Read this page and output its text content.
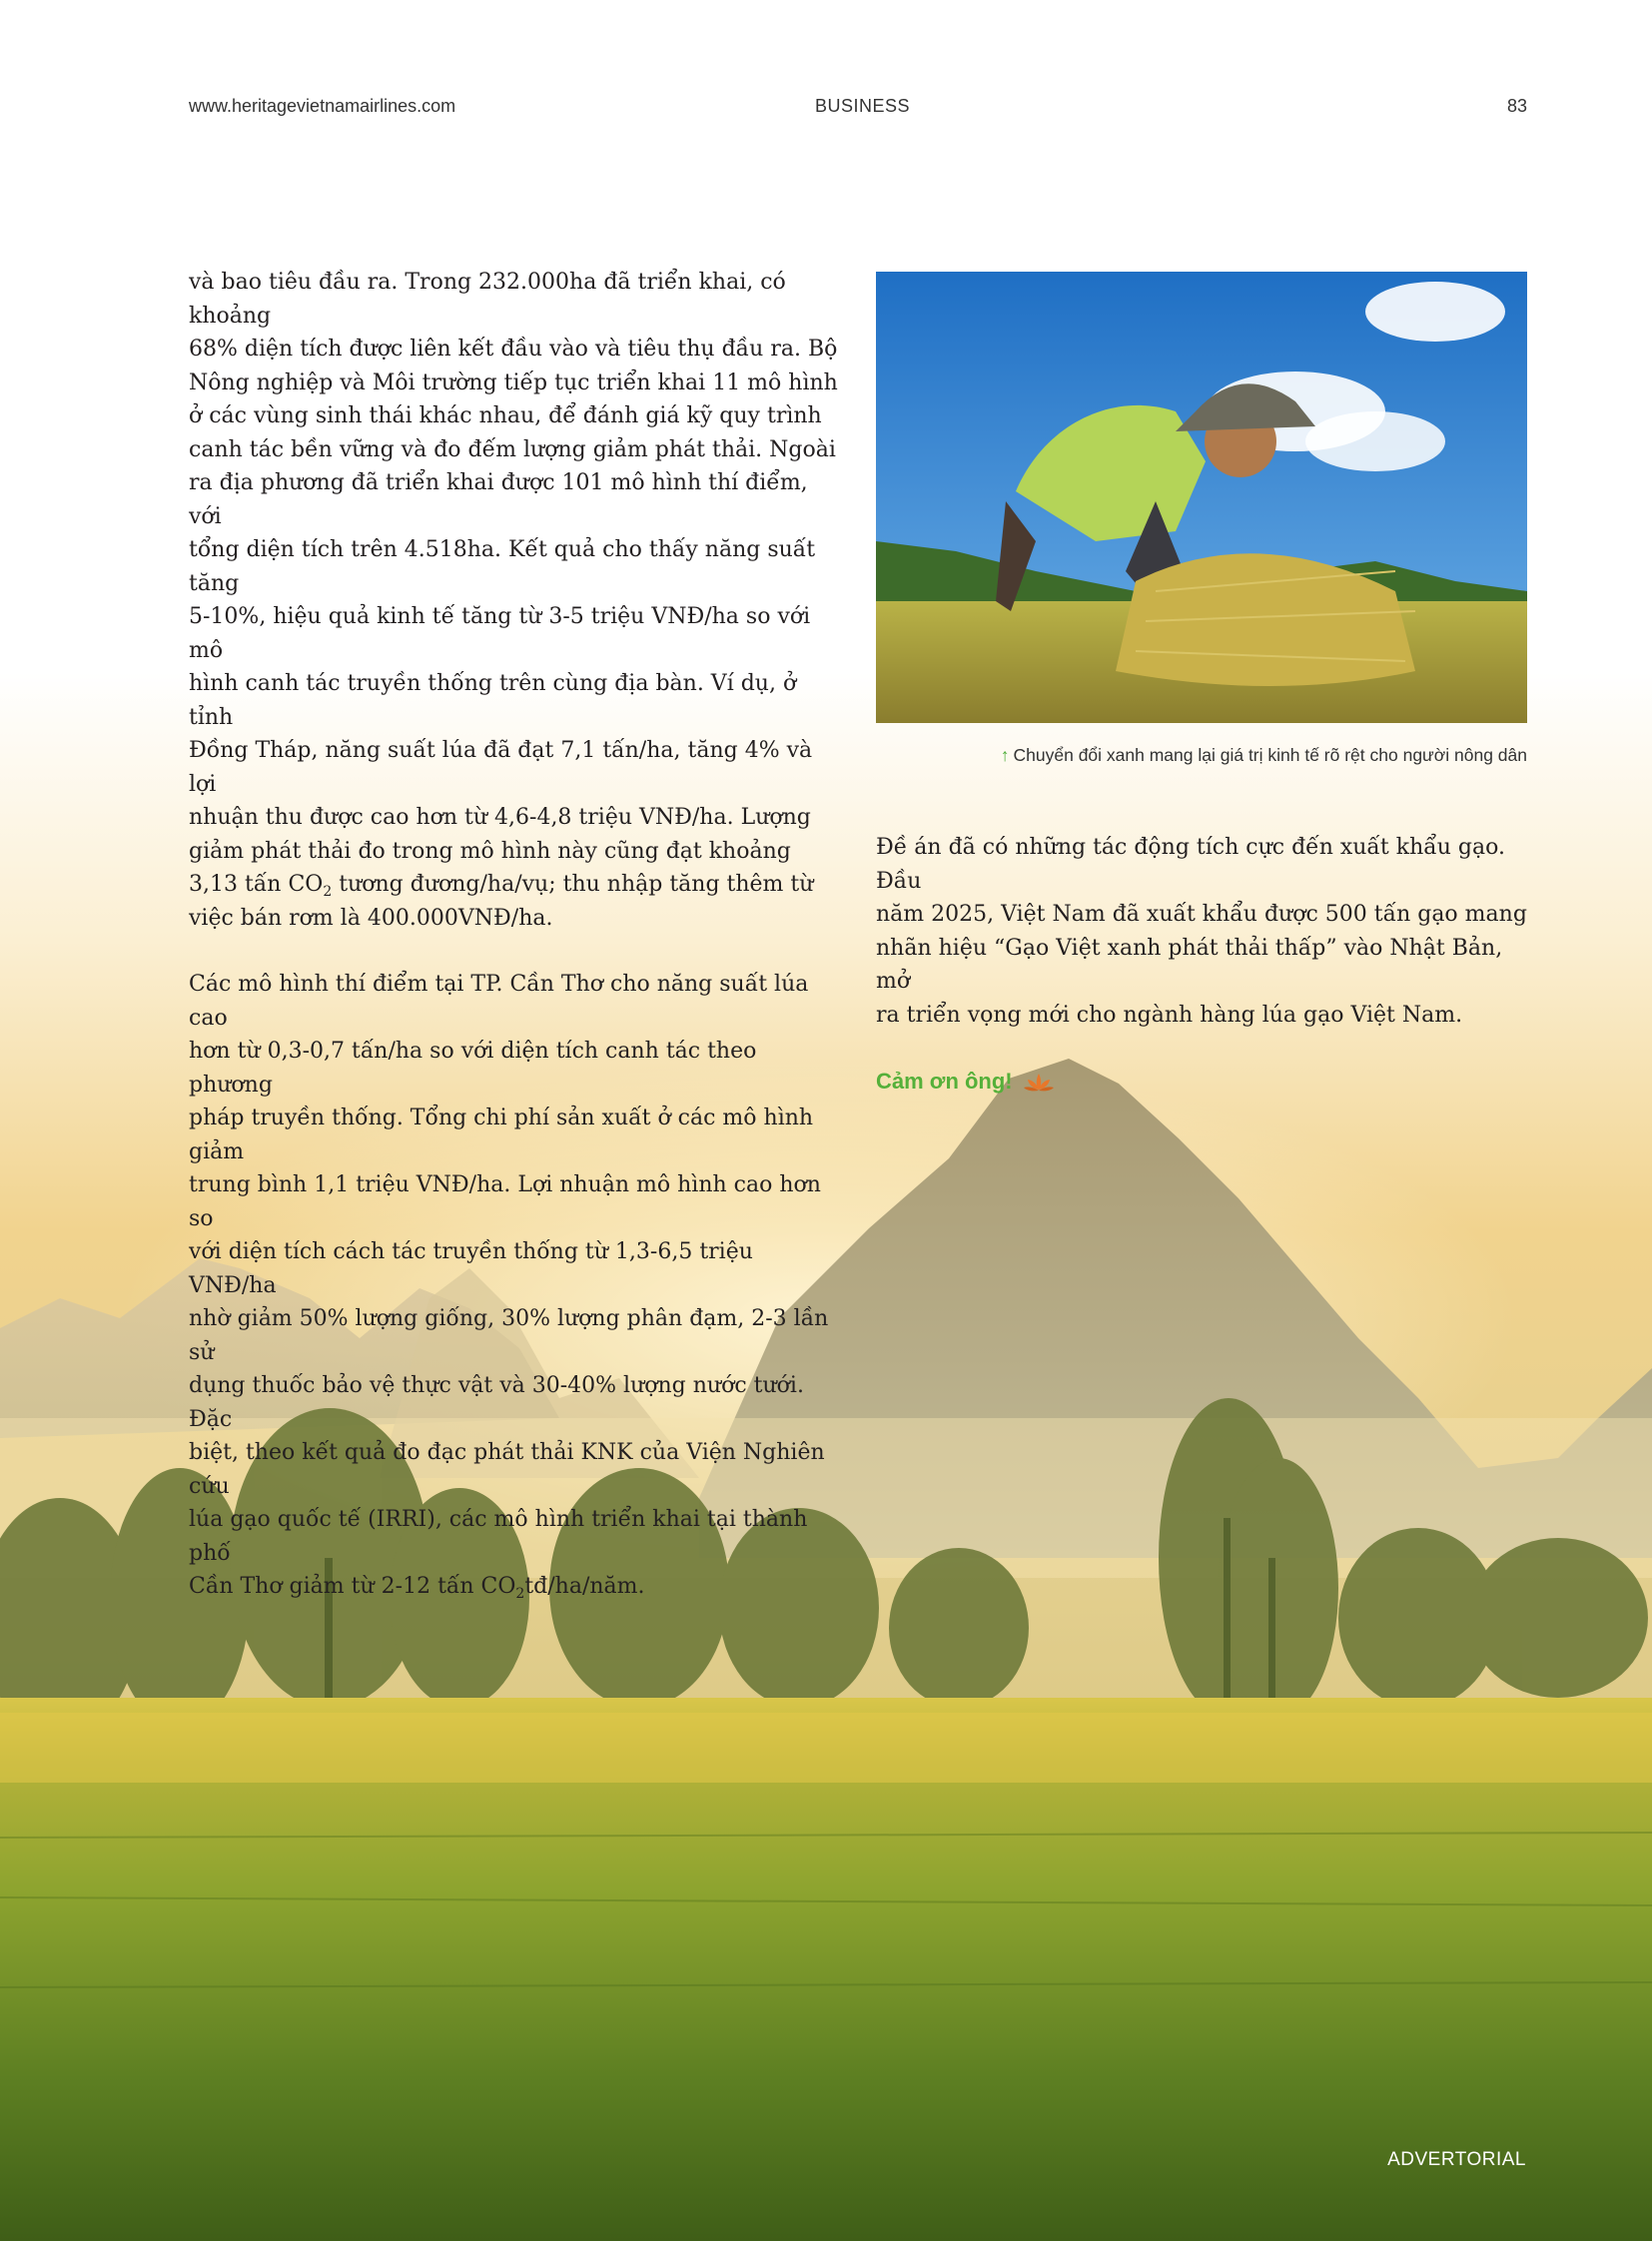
www.heritagevietnamairlines.com	BUSINESS	83

và bao tiêu đầu ra. Trong 232.000ha đã triển khai, có khoảng
68% diện tích được liên kết đầu vào và tiêu thụ đầu ra. Bộ
Nông nghiệp và Môi trường tiếp tục triển khai 11 mô hình
ở các vùng sinh thái khác nhau, để đánh giá kỹ quy trình
canh tác bền vững và đo đếm lượng giảm phát thải. Ngoài
ra địa phương đã triển khai được 101 mô hình thí điểm, với
tổng diện tích trên 4.518ha. Kết quả cho thấy năng suất tăng
5-10%, hiệu quả kinh tế tăng từ 3-5 triệu VNĐ/ha so với mô
hình canh tác truyền thống trên cùng địa bàn. Ví dụ, ở tỉnh
Đồng Tháp, năng suất lúa đã đạt 7,1 tấn/ha, tăng 4% và lợi
nhuận thu được cao hơn từ 4,6-4,8 triệu VNĐ/ha. Lượng
giảm phát thải đo trong mô hình này cũng đạt khoảng
3,13 tấn $CO_2$ tương đương/ha/vụ; thu nhập tăng thêm từ
việc bán rơm là 400.000VNĐ/ha.

Các mô hình thí điểm tại TP. Cần Thơ cho năng suất lúa cao
hơn từ 0,3-0,7 tấn/ha so với diện tích canh tác theo phương
pháp truyền thống. Tổng chi phí sản xuất ở các mô hình giảm
trung bình 1,1 triệu VNĐ/ha. Lợi nhuận mô hình cao hơn so
với diện tích cách tác truyền thống từ 1,3-6,5 triệu VNĐ/ha
nhờ giảm 50% lượng giống, 30% lượng phân đạm, 2-3 lần sử
dụng thuốc bảo vệ thực vật và 30-40% lượng nước tưới. Đặc
biệt, theo kết quả đo đạc phát thải KNK của Viện Nghiên cứu
lúa gạo quốc tế (IRRI), các mô hình triển khai tại thành phố
Cần Thơ giảm từ 2-12 tấn $CO_2tđ/ha$/năm.

↑ Chuyển đổi xanh mang lại giá trị kinh tế rõ rệt cho người nông dân

Đề án đã có những tác động tích cực đến xuất khẩu gạo. Đầu
năm 2025, Việt Nam đã xuất khẩu được 500 tấn gạo mang
nhãn hiệu “Gạo Việt xanh phát thải thấp” vào Nhật Bản, mở
ra triển vọng mới cho ngành hàng lúa gạo Việt Nam.

Cảm ơn ông!

ADVERTORIAL
